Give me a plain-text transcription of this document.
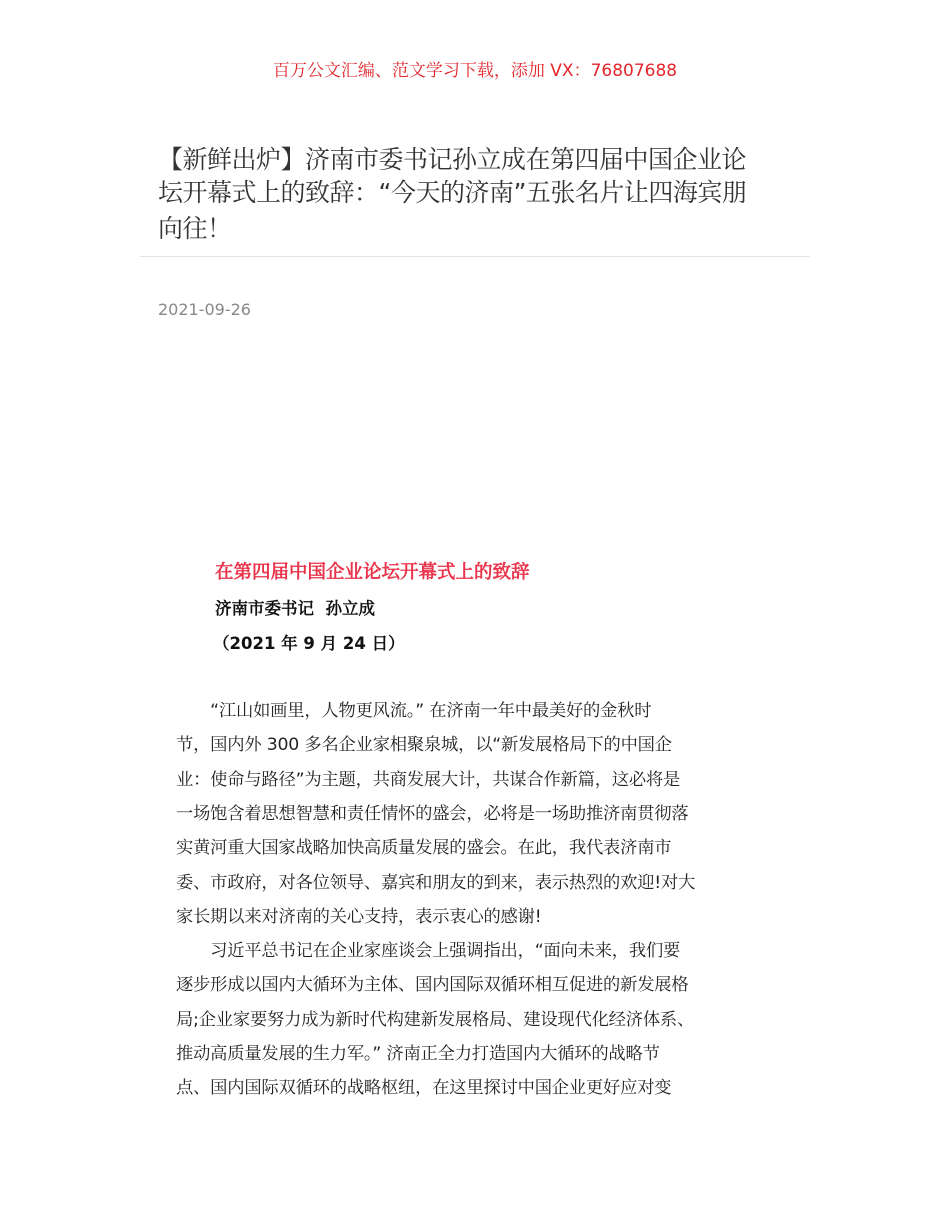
百万公文汇编、范文学习下载，添加 VX：76807688
【新鲜出炉】济南市委书记孙立成在第四届中国企业论
坛开幕式上的致辞：“今天的济南”五张名片让四海宾朋
向往！
2021-09-26
在第四届中国企业论坛开幕式上的致辞
济南市委书记  孙立成
（2021 年 9 月 24 日）
　　“江山如画里，人物更风流。” 在济南一年中最美好的金秋时
节，国内外 300 多名企业家相聚泉城，以“新发展格局下的中国企
业：使命与路径”为主题，共商发展大计，共谋合作新篇，这必将是
一场饱含着思想智慧和责任情怀的盛会，必将是一场助推济南贯彻落
实黄河重大国家战略加快高质量发展的盛会。在此，我代表济南市
委、市政府，对各位领导、嘉宾和朋友的到来，表示热烈的欢迎!对大
家长期以来对济南的关心支持，表示衷心的感谢!
　　习近平总书记在企业家座谈会上强调指出，“面向未来，我们要
逐步形成以国内大循环为主体、国内国际双循环相互促进的新发展格
局;企业家要努力成为新时代构建新发展格局、建设现代化经济体系、
推动高质量发展的生力军。” 济南正全力打造国内大循环的战略节
点、国内国际双循环的战略枢纽，在这里探讨中国企业更好应对变
